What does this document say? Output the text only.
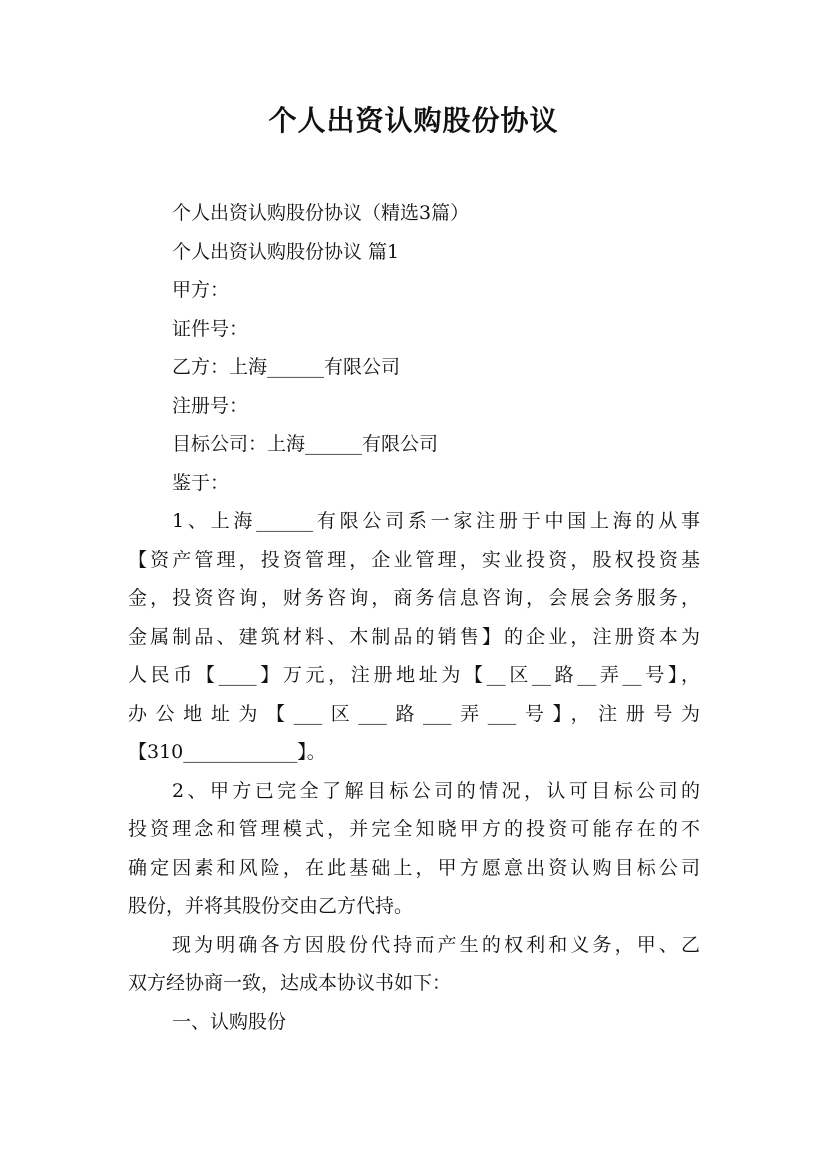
个人出资认购股份协议

个人出资认购股份协议（精选3篇）

个人出资认购股份协议 篇1

甲方：

证件号：

乙方：上海______有限公司

注册号：

目标公司：上海______有限公司

鉴于：

1、上海______有限公司系一家注册于中国上海的从事

【资产管理，投资管理，企业管理，实业投资，股权投资基

金，投资咨询，财务咨询，商务信息咨询，会展会务服务，

金属制品、建筑材料、木制品的销售】的企业，注册资本为

人民币【____】万元，注册地址为【__区__路__弄__号】，

办公地址为【___区___路___弄___号】，注册号为

【310____________】。

2、甲方已完全了解目标公司的情况，认可目标公司的

投资理念和管理模式，并完全知晓甲方的投资可能存在的不

确定因素和风险，在此基础上，甲方愿意出资认购目标公司

股份，并将其股份交由乙方代持。

现为明确各方因股份代持而产生的权利和义务，甲、乙

双方经协商一致，达成本协议书如下：

一、认购股份
